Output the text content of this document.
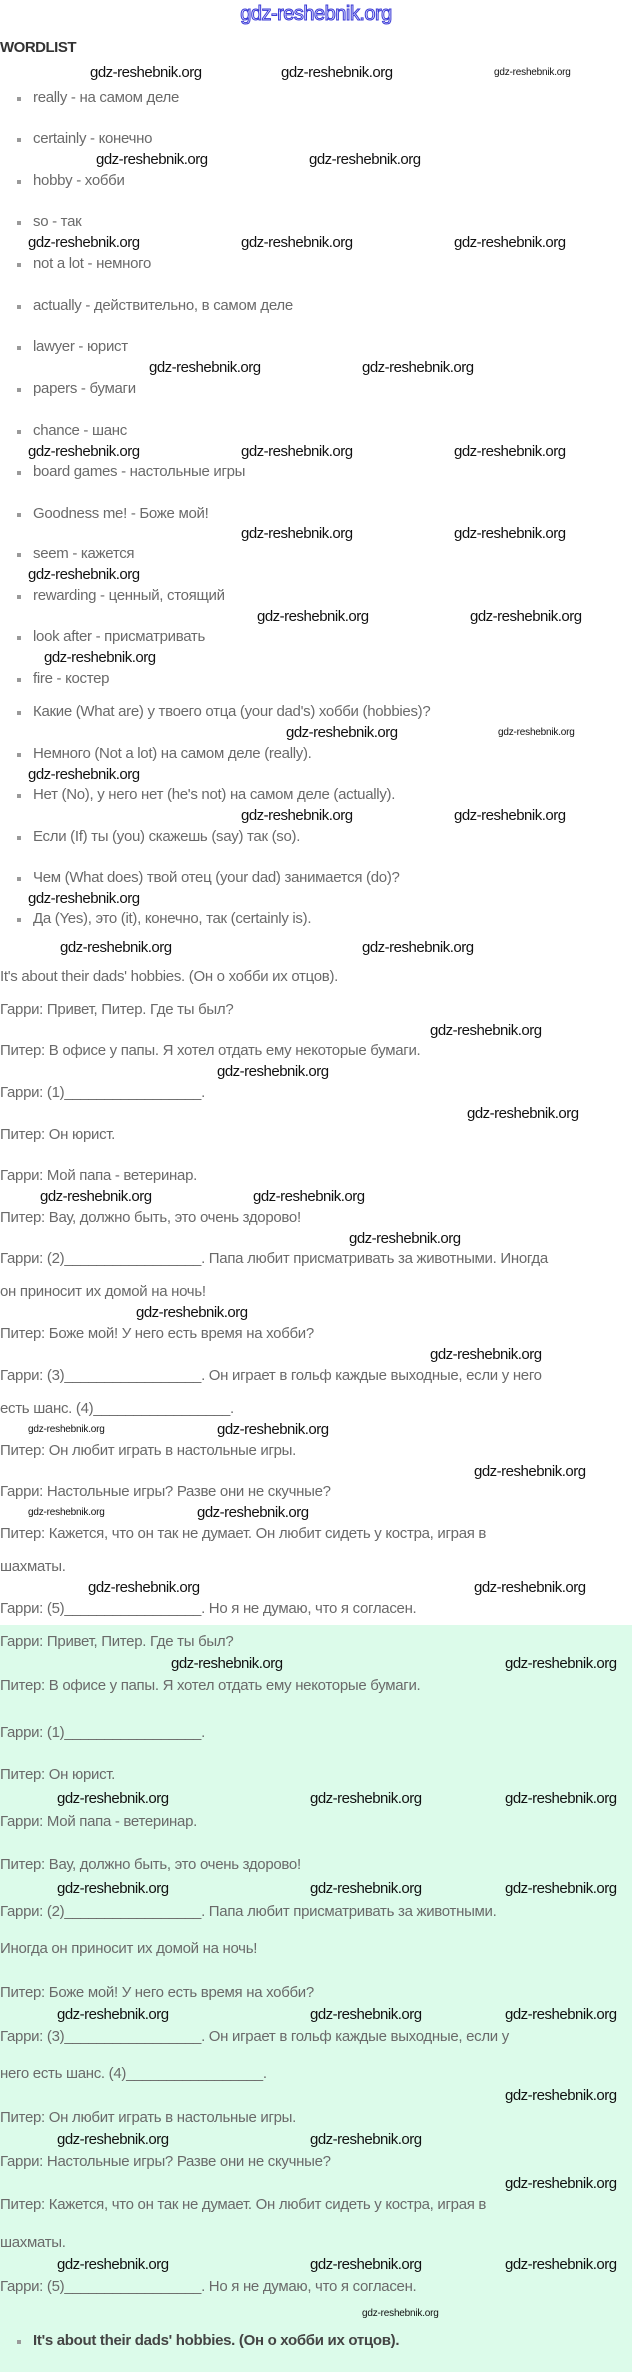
gdz-reshebnik.org
WORDLIST
really - на самом деле
certainly - конечно
hobby - хобби
so - так
not a lot - немного
actually - действительно, в самом деле
lawyer - юрист
papers - бумаги
chance - шанс
board games - настольные игры
Goodness me! - Боже мой!
seem - кажется
rewarding - ценный, стоящий
look after - присматривать
fire - костер
Какие (What are) у твоего отца (your dad's) хобби (hobbies)?
Немного (Not a lot) на самом деле (really).
Нет (No), у него нет (he's not) на самом деле (actually).
Если (If) ты (you) скажешь (say) так (so).
Чем (What does) твой отец (your dad) занимается (do)?
Да (Yes), это (it), конечно, так (certainly is).
It's about their dads' hobbies. (Он о хобби их отцов).
Гарри: Привет, Питер. Где ты был?
Питер: В офисе у папы. Я хотел отдать ему некоторые бумаги.
Гарри: (1)_________________.
Питер: Он юрист.
Гарри: Мой папа - ветеринар.
Питер: Вау, должно быть, это очень здорово!
Гарри: (2)_________________. Папа любит присматривать за животными. Иногда
он приносит их домой на ночь!
Питер: Боже мой! У него есть время на хобби?
Гарри: (3)_________________. Он играет в гольф каждые выходные, если у него
есть шанс. (4)_________________.
Питер: Он любит играть в настольные игры.
Гарри: Настольные игры? Разве они не скучные?
Питер: Кажется, что он так не думает. Он любит сидеть у костра, играя в
шахматы.
Гарри: (5)_________________. Но я не думаю, что я согласен.
Гарри: Привет, Питер. Где ты был?
Питер: В офисе у папы. Я хотел отдать ему некоторые бумаги.
Гарри: (1)_________________.
Питер: Он юрист.
Гарри: Мой папа - ветеринар.
Питер: Вау, должно быть, это очень здорово!
Гарри: (2)_________________. Папа любит присматривать за животными.
Иногда он приносит их домой на ночь!
Питер: Боже мой! У него есть время на хобби?
Гарри: (3)_________________. Он играет в гольф каждые выходные, если у
него есть шанс. (4)_________________.
Питер: Он любит играть в настольные игры.
Гарри: Настольные игры? Разве они не скучные?
Питер: Кажется, что он так не думает. Он любит сидеть у костра, играя в
шахматы.
Гарри: (5)_________________. Но я не думаю, что я согласен.
It's about their dads' hobbies. (Он о хобби их отцов).
gdz-reshebnik.org	gdz-reshebnik.org	gdz-reshebnik.org
gdz-reshebnik.org	gdz-reshebnik.org
gdz-reshebnik.org	gdz-reshebnik.org	gdz-reshebnik.org
gdz-reshebnik.org	gdz-reshebnik.org
gdz-reshebnik.org	gdz-reshebnik.org	gdz-reshebnik.org
gdz-reshebnik.org	gdz-reshebnik.org
gdz-reshebnik.org
gdz-reshebnik.org	gdz-reshebnik.org
gdz-reshebnik.org
gdz-reshebnik.org	gdz-reshebnik.org
gdz-reshebnik.org
gdz-reshebnik.org	gdz-reshebnik.org
gdz-reshebnik.org
gdz-reshebnik.org	gdz-reshebnik.org
gdz-reshebnik.org
gdz-reshebnik.org
gdz-reshebnik.org
gdz-reshebnik.org	gdz-reshebnik.org
gdz-reshebnik.org
gdz-reshebnik.org
gdz-reshebnik.org
gdz-reshebnik.org	gdz-reshebnik.org
gdz-reshebnik.org
gdz-reshebnik.org	gdz-reshebnik.org
gdz-reshebnik.org	gdz-reshebnik.org
gdz-reshebnik.org	gdz-reshebnik.org
gdz-reshebnik.org	gdz-reshebnik.org	gdz-reshebnik.org
gdz-reshebnik.org	gdz-reshebnik.org	gdz-reshebnik.org
gdz-reshebnik.org	gdz-reshebnik.org	gdz-reshebnik.org
gdz-reshebnik.org
gdz-reshebnik.org	gdz-reshebnik.org
gdz-reshebnik.org
gdz-reshebnik.org	gdz-reshebnik.org	gdz-reshebnik.org
gdz-reshebnik.org
